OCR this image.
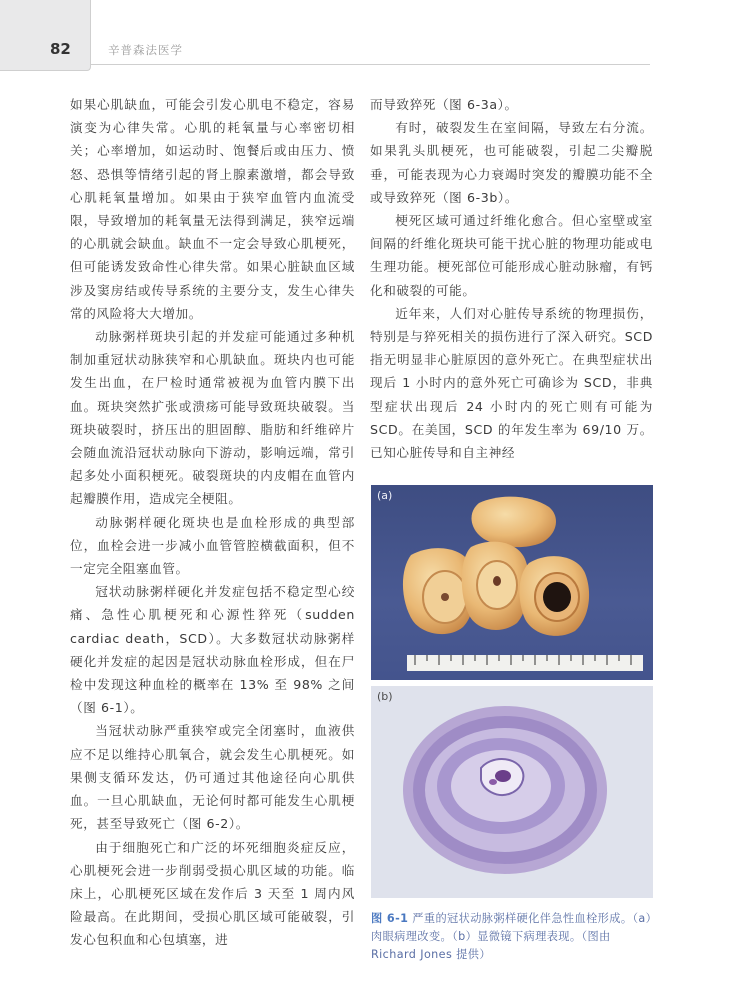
82	辛普森法医学

如果心肌缺血，可能会引发心肌电不稳定，容易演变为心律失常。心肌的耗氧量与心率密切相关；心率增加，如运动时、饱餐后或由压力、愤怒、恐惧等情绪引起的肾上腺素激增，都会导致心肌耗氧量增加。如果由于狭窄血管内血流受限，导致增加的耗氧量无法得到满足，狭窄远端的心肌就会缺血。缺血不一定会导致心肌梗死，但可能诱发致命性心律失常。如果心脏缺血区域涉及窦房结或传导系统的主要分支，发生心律失常的风险将大大增加。

动脉粥样斑块引起的并发症可能通过多种机制加重冠状动脉狭窄和心肌缺血。斑块内也可能发生出血，在尸检时通常被视为血管内膜下出血。斑块突然扩张或溃疡可能导致斑块破裂。当斑块破裂时，挤压出的胆固醇、脂肪和纤维碎片会随血流沿冠状动脉向下游动，影响远端，常引起多处小面积梗死。破裂斑块的内皮帽在血管内起瓣膜作用，造成完全梗阻。

动脉粥样硬化斑块也是血栓形成的典型部位，血栓会进一步减小血管管腔横截面积，但不一定完全阻塞血管。

冠状动脉粥样硬化并发症包括不稳定型心绞痛、急性心肌梗死和心源性猝死（sudden cardiac death，SCD）。大多数冠状动脉粥样硬化并发症的起因是冠状动脉血栓形成，但在尸检中发现这种血栓的概率在 13% 至 98% 之间（图 6-1）。

当冠状动脉严重狭窄或完全闭塞时，血液供应不足以维持心肌氧合，就会发生心肌梗死。如果侧支循环发达，仍可通过其他途径向心肌供血。一旦心肌缺血，无论何时都可能发生心肌梗死，甚至导致死亡（图 6-2）。

由于细胞死亡和广泛的坏死细胞炎症反应，心肌梗死会进一步削弱受损心肌区域的功能。临床上，心肌梗死区域在发作后 3 天至 1 周内风险最高。在此期间，受损心肌区域可能破裂，引发心包积血和心包填塞，进

而导致猝死（图 6-3a）。

有时，破裂发生在室间隔，导致左右分流。如果乳头肌梗死，也可能破裂，引起二尖瓣脱垂，可能表现为心力衰竭时突发的瓣膜功能不全或导致猝死（图 6-3b）。

梗死区域可通过纤维化愈合。但心室壁或室间隔的纤维化斑块可能干扰心脏的物理功能或电生理功能。梗死部位可能形成心脏动脉瘤，有钙化和破裂的可能。

近年来，人们对心脏传导系统的物理损伤，特别是与猝死相关的损伤进行了深入研究。SCD 指无明显非心脏原因的意外死亡。在典型症状出现后 1 小时内的意外死亡可确诊为 SCD，非典型症状出现后 24 小时内的死亡则有可能为 SCD。在美国，SCD 的年发生率为 69/10 万。已知心脏传导和自主神经

(a)
(b)
图 6-1 严重的冠状动脉粥样硬化伴急性血栓形成。（a）肉眼病理改变。（b）显微镜下病理表现。（图由 Richard Jones 提供）
